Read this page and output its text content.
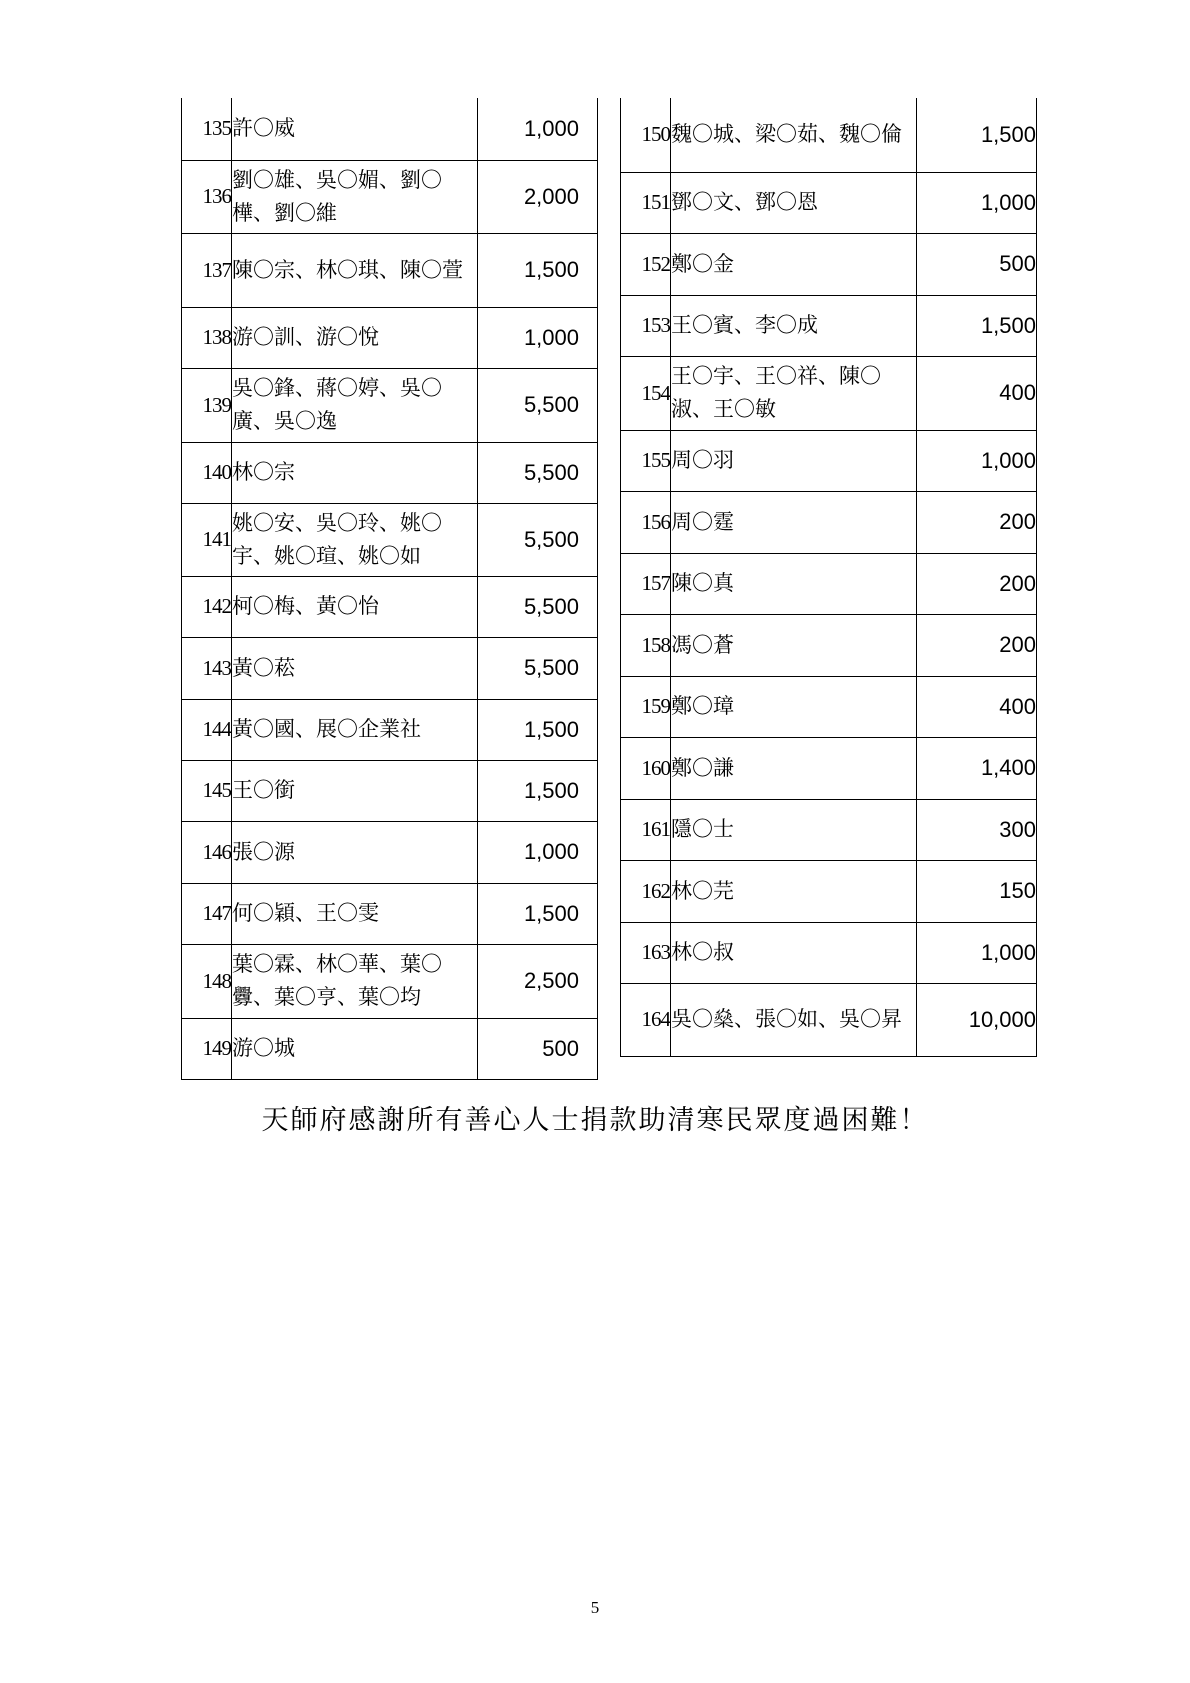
135	許〇威	1,000
136	劉〇雄、吳〇媚、劉〇樺、劉〇維	2,000
137	陳〇宗、林〇琪、陳〇萱	1,500
138	游〇訓、游〇悅	1,000
139	吳〇鋒、蔣〇婷、吳〇廣、吳〇逸	5,500
140	林〇宗	5,500
141	姚〇安、吳〇玲、姚〇宇、姚〇瑄、姚〇如	5,500
142	柯〇梅、黃〇怡	5,500
143	黃〇菘	5,500
144	黃〇國、展〇企業社	1,500
145	王〇銜	1,500
146	張〇源	1,000
147	何〇穎、王〇雯	1,500
148	葉〇霖、林〇華、葉〇釁、葉〇亨、葉〇均	2,500
149	游〇城	500
150	魏〇城、梁〇茹、魏〇倫	1,500
151	鄧〇文、鄧〇恩	1,000
152	鄭〇金	500
153	王〇賓、李〇成	1,500
154	王〇宇、王〇祥、陳〇淑、王〇敏	400
155	周〇羽	1,000
156	周〇霆	200
157	陳〇真	200
158	馮〇蒼	200
159	鄭〇璋	400
160	鄭〇謙	1,400
161	隱〇士	300
162	林〇芫	150
163	林〇叔	1,000
164	吳〇燊、張〇如、吳〇昇	10,000
天師府感謝所有善心人士捐款助清寒民眾度過困難！
5
